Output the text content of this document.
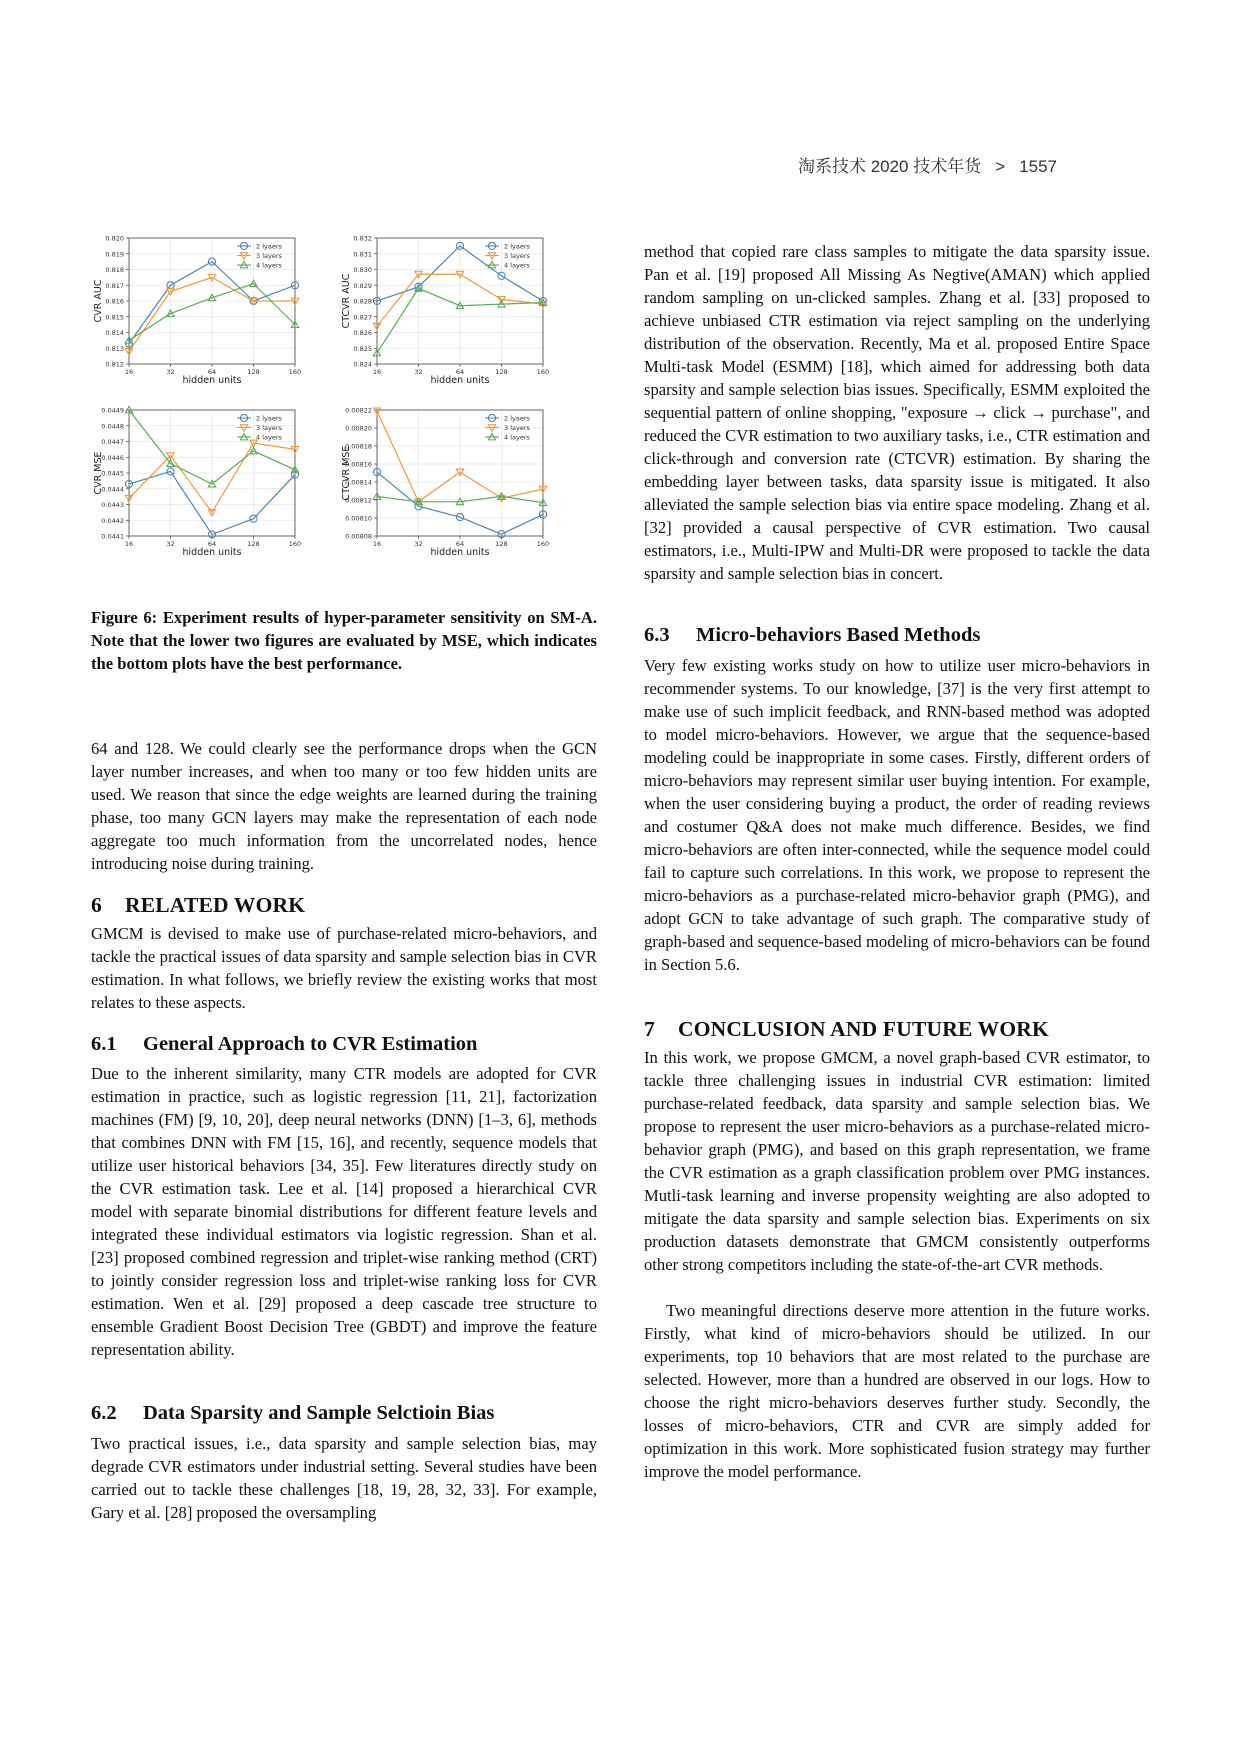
淘系技术 2020 技术年货 > 1557
0.820
0.819
0.818
0.817
0.816
0.815
0.814
0.813
0.812
16	32	64	128	160
hidden units
CVR AUC
2 lyaers
3 layers
4 layers
0.832
0.831
0.830
0.829
0.828
0.827
0.826
0.825
0.824
16	32	64	128	160
hidden units
CTCVR AUC
2 lyaers
3 layers
4 layers
0.0449
0.0448
0.0447
0.0446
0.0445
0.0444
0.0443
0.0442
0.0441
16	32	64	128	160
hidden units
CVR MSE
2 lyaers
3 layers
4 layers
0.00822
0.00820
0.00818
0.00816
0.00814
0.00812
0.00810
0.00808
16	32	64	128	160
hidden units
CTCVR MSE
2 lyaers
3 layers
4 layers
Figure 6: Experiment results of hyper-parameter sensitivity on SM-A. Note that the lower two figures are evaluated by MSE, which indicates the bottom plots have the best performance.

64 and 128. We could clearly see the performance drops when the GCN layer number increases, and when too many or too few hidden units are used. We reason that since the edge weights are learned during the training phase, too many GCN layers may make the representation of each node aggregate too much information from the uncorrelated nodes, hence introducing noise during training.

6 RELATED WORK

GMCM is devised to make use of purchase-related micro-behaviors, and tackle the practical issues of data sparsity and sample selection bias in CVR estimation. In what follows, we briefly review the existing works that most relates to these aspects.

6.1 General Approach to CVR Estimation

Due to the inherent similarity, many CTR models are adopted for CVR estimation in practice, such as logistic regression [11, 21], factorization machines (FM) [9, 10, 20], deep neural networks (DNN) [1–3, 6], methods that combines DNN with FM [15, 16], and recently, sequence models that utilize user historical behaviors [34, 35]. Few literatures directly study on the CVR estimation task. Lee et al. [14] proposed a hierarchical CVR model with separate binomial distributions for different feature levels and integrated these individual estimators via logistic regression. Shan et al. [23] proposed combined regression and triplet-wise ranking method (CRT) to jointly consider regression loss and triplet-wise ranking loss for CVR estimation. Wen et al. [29] proposed a deep cascade tree structure to ensemble Gradient Boost Decision Tree (GBDT) and improve the feature representation ability.

6.2 Data Sparsity and Sample Selctioin Bias

Two practical issues, i.e., data sparsity and sample selection bias, may degrade CVR estimators under industrial setting. Several studies have been carried out to tackle these challenges [18, 19, 28, 32, 33]. For example, Gary et al. [28] proposed the oversampling

method that copied rare class samples to mitigate the data sparsity issue. Pan et al. [19] proposed All Missing As Negtive(AMAN) which applied random sampling on un-clicked samples. Zhang et al. [33] proposed to achieve unbiased CTR estimation via reject sampling on the underlying distribution of the observation. Recently, Ma et al. proposed Entire Space Multi-task Model (ESMM) [18], which aimed for addressing both data sparsity and sample selection bias issues. Specifically, ESMM exploited the sequential pattern of online shopping, "exposure → click → purchase", and reduced the CVR estimation to two auxiliary tasks, i.e., CTR estimation and click-through and conversion rate (CTCVR) estimation. By sharing the embedding layer between tasks, data sparsity issue is mitigated. It also alleviated the sample selection bias via entire space modeling. Zhang et al. [32] provided a causal perspective of CVR estimation. Two causal estimators, i.e., Multi-IPW and Multi-DR were proposed to tackle the data sparsity and sample selection bias in concert.

6.3 Micro-behaviors Based Methods

Very few existing works study on how to utilize user micro-behaviors in recommender systems. To our knowledge, [37] is the very first attempt to make use of such implicit feedback, and RNN-based method was adopted to model micro-behaviors. However, we argue that the sequence-based modeling could be inappropriate in some cases. Firstly, different orders of micro-behaviors may represent similar user buying intention. For example, when the user considering buying a product, the order of reading reviews and costumer Q&A does not make much difference. Besides, we find micro-behaviors are often inter-connected, while the sequence model could fail to capture such correlations. In this work, we propose to represent the micro-behaviors as a purchase-related micro-behavior graph (PMG), and adopt GCN to take advantage of such graph. The comparative study of graph-based and sequence-based modeling of micro-behaviors can be found in Section 5.6.

7 CONCLUSION AND FUTURE WORK

In this work, we propose GMCM, a novel graph-based CVR estimator, to tackle three challenging issues in industrial CVR estimation: limited purchase-related feedback, data sparsity and sample selection bias. We propose to represent the user micro-behaviors as a purchase-related micro-behavior graph (PMG), and based on this graph representation, we frame the CVR estimation as a graph classification problem over PMG instances. Mutli-task learning and inverse propensity weighting are also adopted to mitigate the data sparsity and sample selection bias. Experiments on six production datasets demonstrate that GMCM consistently outperforms other strong competitors including the state-of-the-art CVR methods.

Two meaningful directions deserve more attention in the future works. Firstly, what kind of micro-behaviors should be utilized. In our experiments, top 10 behaviors that are most related to the purchase are selected. However, more than a hundred are observed in our logs. How to choose the right micro-behaviors deserves further study. Secondly, the losses of micro-behaviors, CTR and CVR are simply added for optimization in this work. More sophisticated fusion strategy may further improve the model performance.
